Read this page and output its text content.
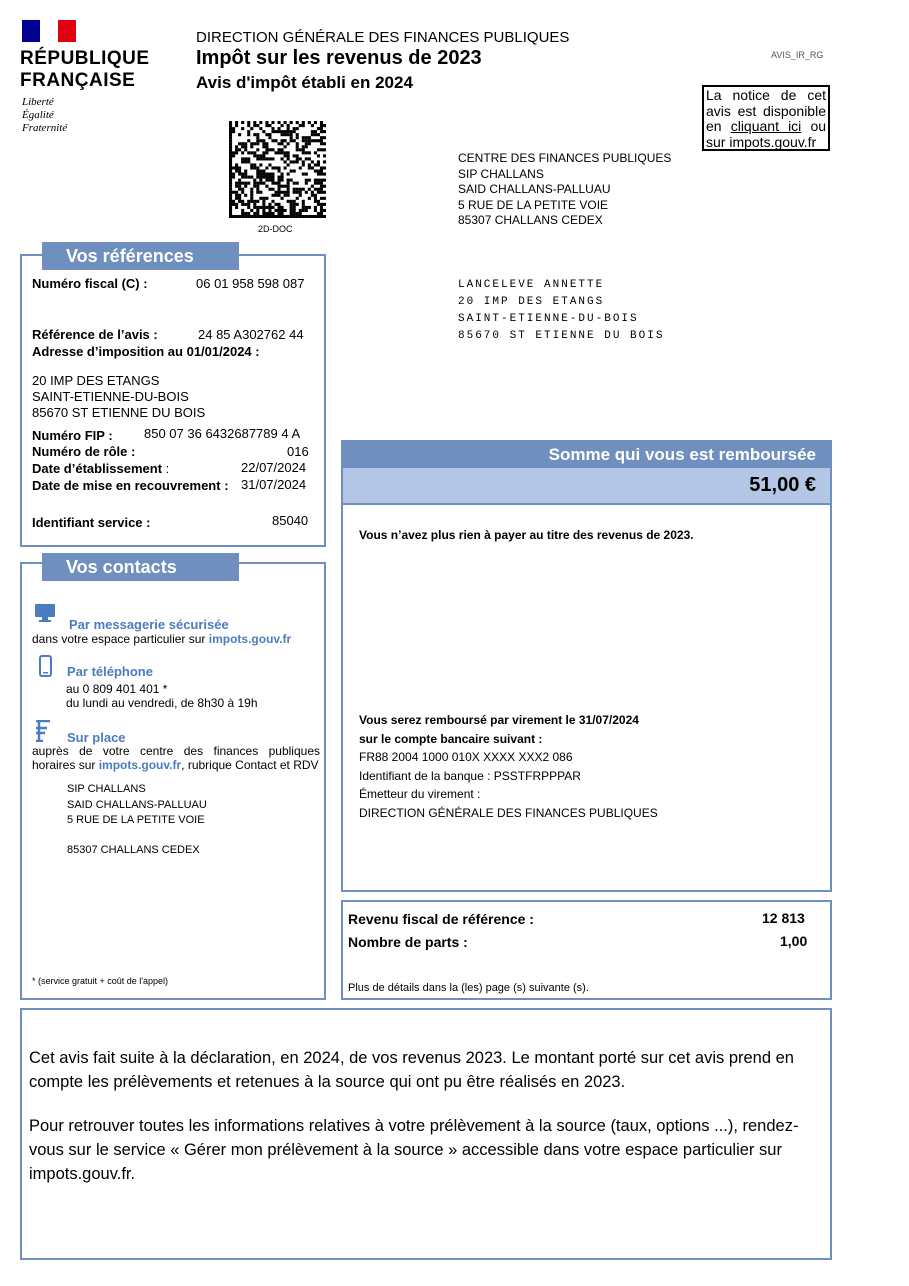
RÉPUBLIQUE
FRANÇAISE
Liberté
Égalité
Fraternité
DIRECTION GÉNÉRALE DES FINANCES PUBLIQUES
Impôt sur les revenus de 2023
Avis d'impôt établi en 2024
AVIS_IR_RG
La notice de cet avis est disponible en cliquant ici ou sur impots.gouv.fr
2D-DOC
CENTRE DES FINANCES PUBLIQUES
SIP CHALLANS
SAID CHALLANS-PALLUAU
5 RUE DE LA PETITE VOIE
85307 CHALLANS CEDEX
LANCELEVE ANNETTE
20 IMP DES ETANGS
SAINT-ETIENNE-DU-BOIS
85670 ST ETIENNE DU BOIS
Vos références
Numéro fiscal (C) :	06 01 958 598 087
Référence de l’avis :	24 85 A302762 44
Adresse d’imposition au 01/01/2024 :
20 IMP DES ETANGS
SAINT-ETIENNE-DU-BOIS
85670 ST ETIENNE DU BOIS
Numéro FIP : 850 07 36 6432687789 4 A
Numéro de rôle :	016
Date d’établissement :	22/07/2024
Date de mise en recouvrement : 31/07/2024
Identifiant service :	85040
Vos contacts
Par messagerie sécurisée
dans votre espace particulier sur impots.gouv.fr
Par téléphone
au 0 809 401 401 *
du lundi au vendredi, de 8h30 à 19h
Sur place
auprès de votre centre des finances publiques
horaires sur impots.gouv.fr, rubrique Contact et RDV
SIP CHALLANS
SAID CHALLANS-PALLUAU
5 RUE DE LA PETITE VOIE
85307 CHALLANS CEDEX
* (service gratuit + coût de l'appel)
Somme qui vous est remboursée
51,00 €
Vous n’avez plus rien à payer au titre des revenus de 2023.
Vous serez remboursé par virement le 31/07/2024
sur le compte bancaire suivant :
FR88 2004 1000 010X XXXX XXX2 086
Identifiant de la banque : PSSTFRPPPAR
Émetteur du virement :
DIRECTION GÉNÉRALE DES FINANCES PUBLIQUES
Revenu fiscal de référence :	12 813
Nombre de parts :	1,00
Plus de détails dans la (les) page (s) suivante (s).
Cet avis fait suite à la déclaration, en 2024, de vos revenus 2023. Le montant porté sur cet avis prend en compte les prélèvements et retenues à la source qui ont pu être réalisés en 2023.
Pour retrouver toutes les informations relatives à votre prélèvement à la source (taux, options ...), rendez-vous sur le service « Gérer mon prélèvement à la source » accessible dans votre espace particulier sur impots.gouv.fr.
